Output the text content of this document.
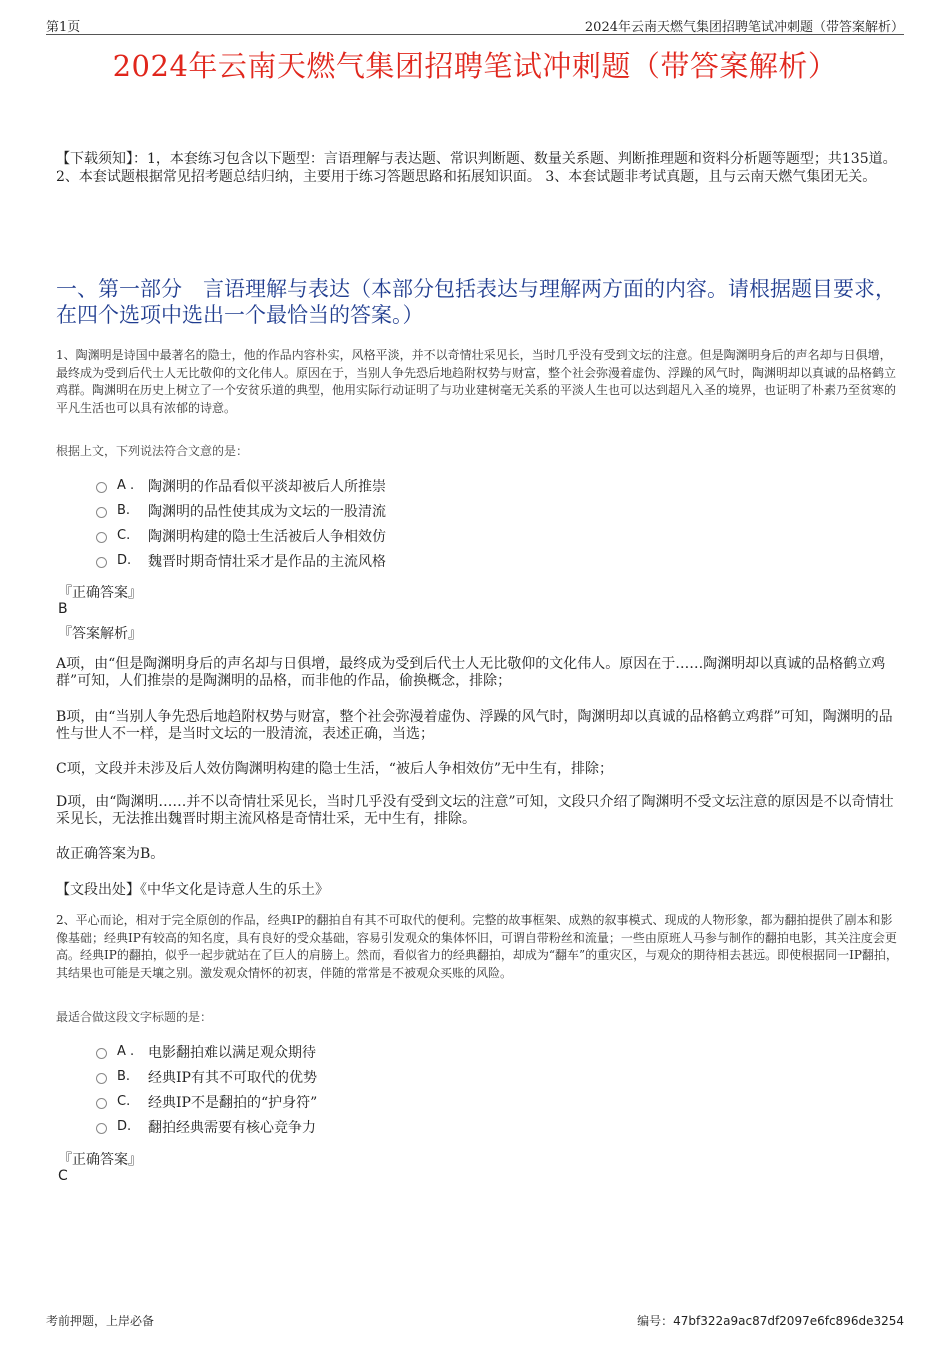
第1页	2024年云南天燃气集团招聘笔试冲刺题（带答案解析）
2024年云南天燃气集团招聘笔试冲刺题（带答案解析）
【下载须知】：1，本套练习包含以下题型：言语理解与表达题、常识判断题、数量关系题、判断推理题和资料分析题等题型；共135道。 2、本套试题根据常见招考题总结归纳，主要用于练习答题思路和拓展知识面。 3、本套试题非考试真题，且与云南天燃气集团无关。
一、第一部分　言语理解与表达（本部分包括表达与理解两方面的内容。请根据题目要求，在四个选项中选出一个最恰当的答案。）
1、陶渊明是诗国中最著名的隐士，他的作品内容朴实，风格平淡，并不以奇情壮采见长，当时几乎没有受到文坛的注意。但是陶渊明身后的声名却与日俱增，最终成为受到后代士人无比敬仰的文化伟人。原因在于，当别人争先恐后地趋附权势与财富，整个社会弥漫着虚伪、浮躁的风气时，陶渊明却以真诚的品格鹤立鸡群。陶渊明在历史上树立了一个安贫乐道的典型，他用实际行动证明了与功业建树毫无关系的平淡人生也可以达到超凡入圣的境界，也证明了朴素乃至贫寒的平凡生活也可以具有浓郁的诗意。
根据上文，下列说法符合文意的是：
A . 陶渊明的作品看似平淡却被后人所推崇
B.	陶渊明的品性使其成为文坛的一股清流
C.	陶渊明构建的隐士生活被后人争相效仿
D.	魏晋时期奇情壮采才是作品的主流风格
『正确答案』
B
『答案解析』
A项，由“但是陶渊明身后的声名却与日俱增，最终成为受到后代士人无比敬仰的文化伟人。原因在于……陶渊明却以真诚的品格鹤立鸡群”可知，人们推崇的是陶渊明的品格，而非他的作品，偷换概念，排除；
B项，由“当别人争先恐后地趋附权势与财富，整个社会弥漫着虚伪、浮躁的风气时，陶渊明却以真诚的品格鹤立鸡群”可知，陶渊明的品性与世人不一样，是当时文坛的一股清流，表述正确，当选；
C项，文段并未涉及后人效仿陶渊明构建的隐士生活，“被后人争相效仿”无中生有，排除；
D项，由“陶渊明……并不以奇情壮采见长，当时几乎没有受到文坛的注意”可知，文段只介绍了陶渊明不受文坛注意的原因是不以奇情壮采见长，无法推出魏晋时期主流风格是奇情壮采，无中生有，排除。
故正确答案为B。
【文段出处】《中华文化是诗意人生的乐土》
2、平心而论，相对于完全原创的作品，经典IP的翻拍自有其不可取代的便利。完整的故事框架、成熟的叙事模式、现成的人物形象，都为翻拍提供了剧本和影像基础；经典IP有较高的知名度，具有良好的受众基础，容易引发观众的集体怀旧，可谓自带粉丝和流量；一些由原班人马参与制作的翻拍电影，其关注度会更高。经典IP的翻拍，似乎一起步就站在了巨人的肩膀上。然而，看似省力的经典翻拍，却成为“翻车”的重灾区，与观众的期待相去甚远。即使根据同一IP翻拍，其结果也可能是天壤之别。激发观众情怀的初衷，伴随的常常是不被观众买账的风险。
最适合做这段文字标题的是：
A . 电影翻拍难以满足观众期待
B.	经典IP有其不可取代的优势
C.	经典IP不是翻拍的“护身符”
D.	翻拍经典需要有核心竞争力
『正确答案』
C
考前押题，上岸必备	编号：47bf322a9ac87df2097e6fc896de3254
